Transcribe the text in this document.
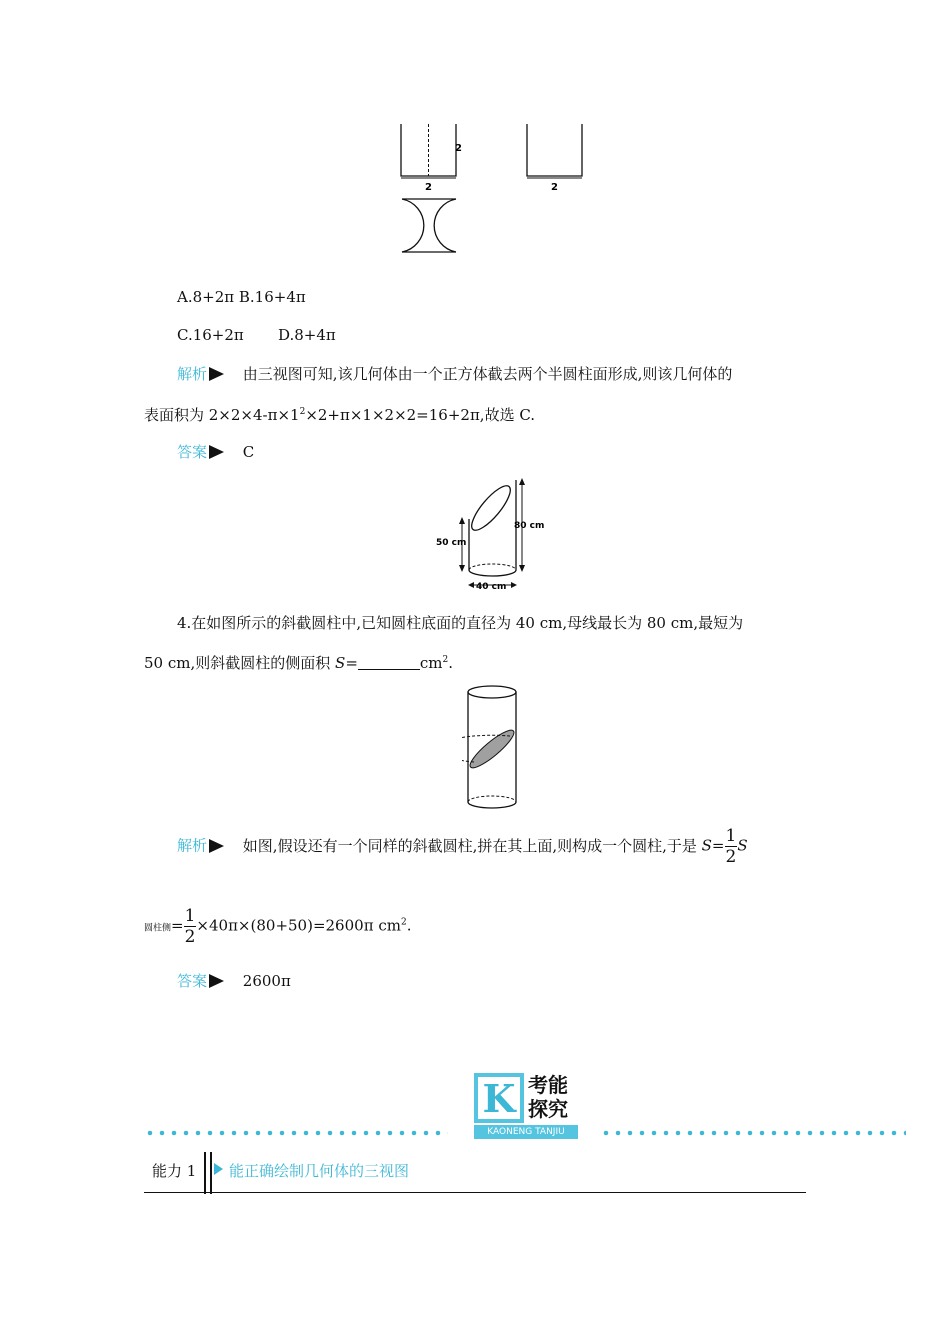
2
2	2
A.8+2π B.16+4π
C.16+2π D.8+4π
解析 由三视图可知,该几何体由一个正方体截去两个半圆柱面形成,则该几何体的
表面积为 $2\times 2\times 4-\pi\times 1^2\times 2+\pi\times 1\times 2\times 2=16+2\pi$,故选 C.
答案 C
50 cm
80 cm
40 cm
4.在如图所示的斜截圆柱中,已知圆柱底面的直径为 40 cm,母线最长为 80 cm,最短为
50 cm,则斜截圆柱的侧面积 S=	$cm^2$.
解析 如图,假设还有一个同样的斜截圆柱,拼在其上面,则构成一个圆柱,于是 $S= \frac{1}{2}$ S
圆柱侧= $\frac{1}{2} \times 40\pi\times(80+50)=2600\pi$ $cm^2$.
答案 2600π
K 考能
探究
KAONENG TANJIU
能力 1 能正确绘制几何体的三视图
